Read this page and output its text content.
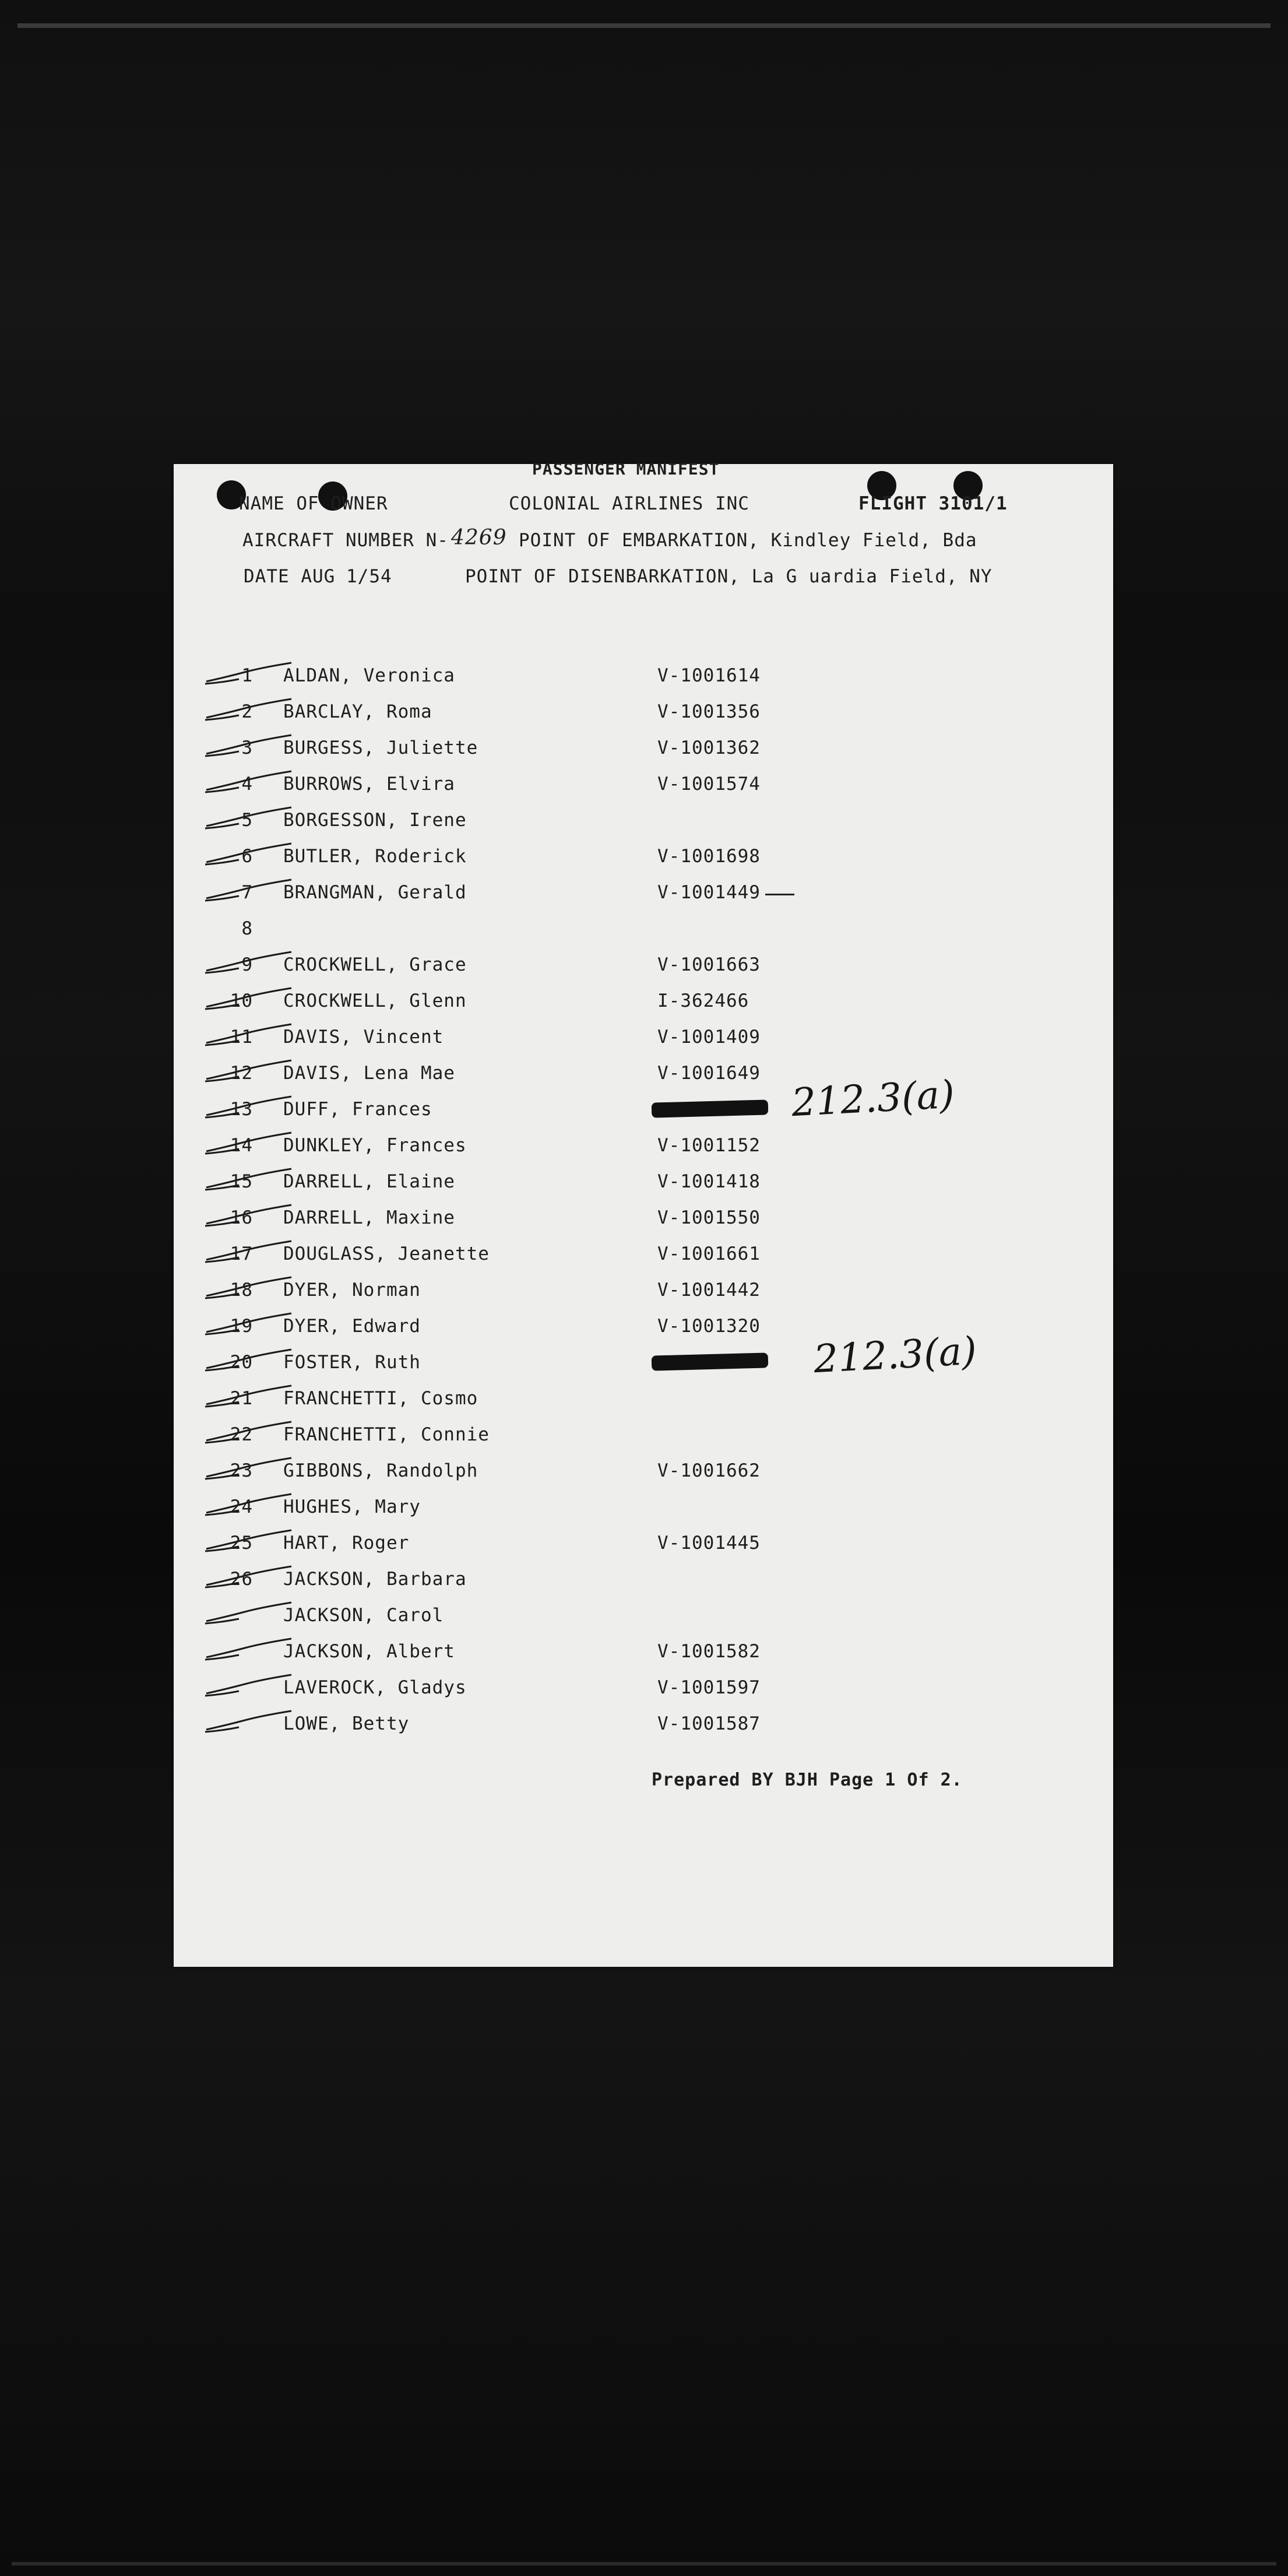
PASSENGER MANIFEST
NAME OF OWNER	COLONIAL AIRLINES INC	FLIGHT 3101/1
AIRCRAFT NUMBER N- 4269 POINT OF EMBARKATION, Kindley Field, Bda
DATE AUG 1/54	POINT OF DISENBARKATION, La G uardia Field, NY
1 ALDAN, Veronica	V-1001614
2 BARCLAY, Roma	V-1001356
3 BURGESS, Juliette	V-1001362
4 BURROWS, Elvira	V-1001574
5 BORGESSON, Irene
6 BUTLER, Roderick	V-1001698
7 BRANGMAN, Gerald	V-1001449
8
9 CROCKWELL, Grace	V-1001663
10 CROCKWELL, Glenn	I-362466
11 DAVIS, Vincent	V-1001409
12 DAVIS, Lena Mae	V-1001649
13 DUFF, Frances
14 DUNKLEY, Frances	V-1001152
15 DARRELL, Elaine	V-1001418
16 DARRELL, Maxine	V-1001550
17 DOUGLASS, Jeanette	V-1001661
18 DYER, Norman	V-1001442
19 DYER, Edward	V-1001320
20 FOSTER, Ruth
21 FRANCHETTI, Cosmo
22 FRANCHETTI, Connie
23 GIBBONS, Randolph	V-1001662
24 HUGHES, Mary
25 HART, Roger	V-1001445
26 JACKSON, Barbara
JACKSON, Carol
JACKSON, Albert	V-1001582
LAVEROCK, Gladys	V-1001597
LOWE, Betty	V-1001587
212.3(a)
212.3(a)
Prepared BY BJH Page 1 Of 2.
